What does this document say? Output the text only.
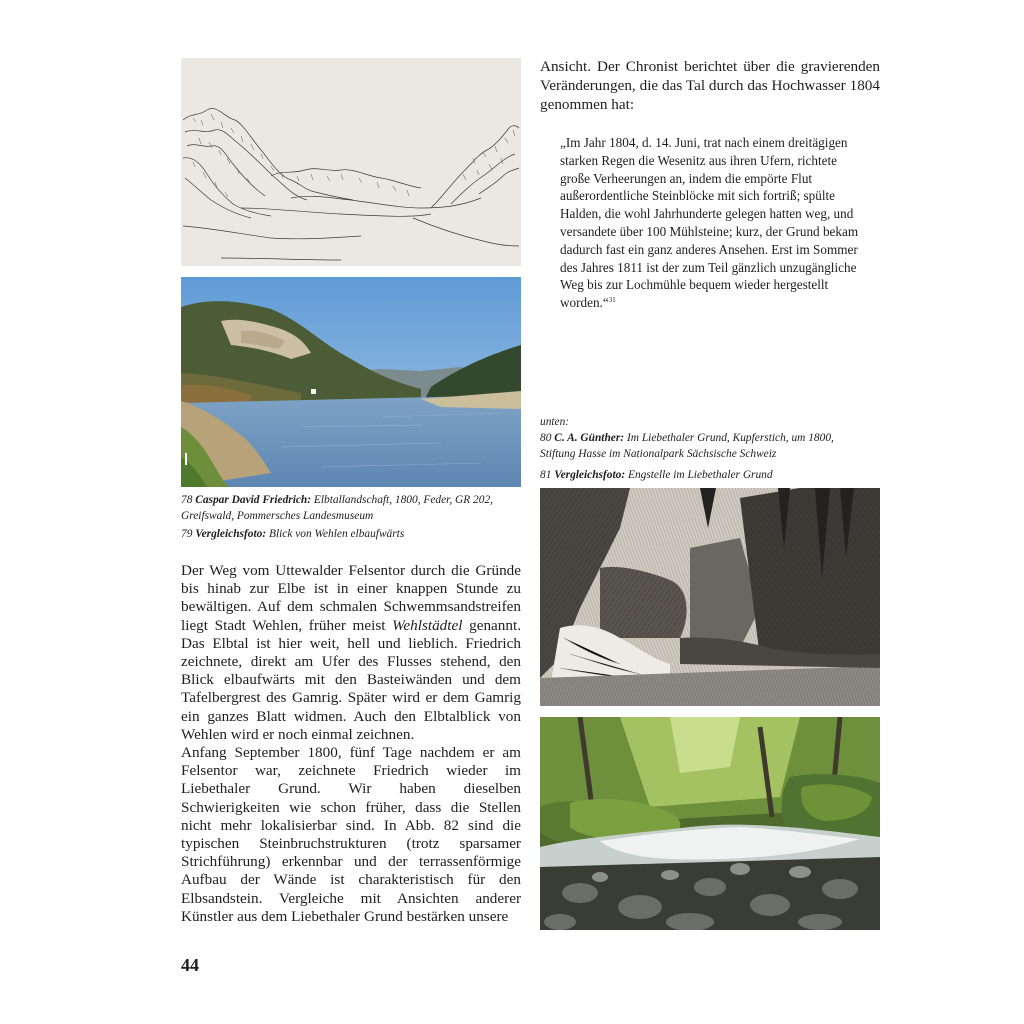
78 Caspar David Friedrich: Elbtallandschaft, 1800, Feder, GR 202,
Greifswald, Pommersches Landesmuseum
79 Vergleichsfoto: Blick von Wehlen elbaufwärts

Der Weg vom Uttewalder Felsentor durch die Gründe bis hinab zur Elbe ist in einer knappen Stunde zu bewältigen. Auf dem schmalen Schwemmsandstreifen liegt Stadt Wehlen, früher meist Wehlstädtel genannt. Das Elbtal ist hier weit, hell und lieblich. Friedrich zeichnete, direkt am Ufer des Flusses stehend, den Blick elbaufwärts mit den Basteiwänden und dem Tafelbergrest des Gamrig. Später wird er dem Gamrig ein ganzes Blatt widmen. Auch den Elbtalblick von Wehlen wird er noch einmal zeichnen.

Anfang September 1800, fünf Tage nachdem er am Felsentor war, zeichnete Friedrich wieder im Liebethaler Grund. Wir haben dieselben Schwierigkeiten wie schon früher, dass die Stellen nicht mehr lokalisierbar sind. In Abb. 82 sind die typischen Steinbruchstrukturen (trotz sparsamer Strichführung) erkennbar und der terrassenförmige Aufbau der Wände ist charakteristisch für den Elbsandstein. Vergleiche mit Ansichten anderer Künstler aus dem Liebethaler Grund bestärken unsere

Ansicht. Der Chronist berichtet über die gravierenden Veränderungen, die das Tal durch das Hochwasser 1804 genommen hat:
„Im Jahr 1804, d. 14. Juni, trat nach einem dreitägigen starken Regen die Wesenitz aus ihren Ufern, richtete große Verheerungen an, indem die empörte Flut außerordentliche Steinblöcke mit sich fortriß; spülte Halden, die wohl Jahrhunderte gelegen hatten weg, und versandete über 100 Mühlsteine; kurz, der Grund bekam dadurch fast ein ganz anderes Ansehen. Erst im Sommer des Jahres 1811 ist der zum Teil gänzlich unzugängliche Weg bis zur Lochmühle bequem wieder hergestellt worden.“$^{31}$
unten:
80 C. A. Günther: Im Liebethaler Grund, Kupferstich, um 1800,
Stiftung Hasse im Nationalpark Sächsische Schweiz
81 Vergleichsfoto: Engstelle im Liebethaler Grund
44
